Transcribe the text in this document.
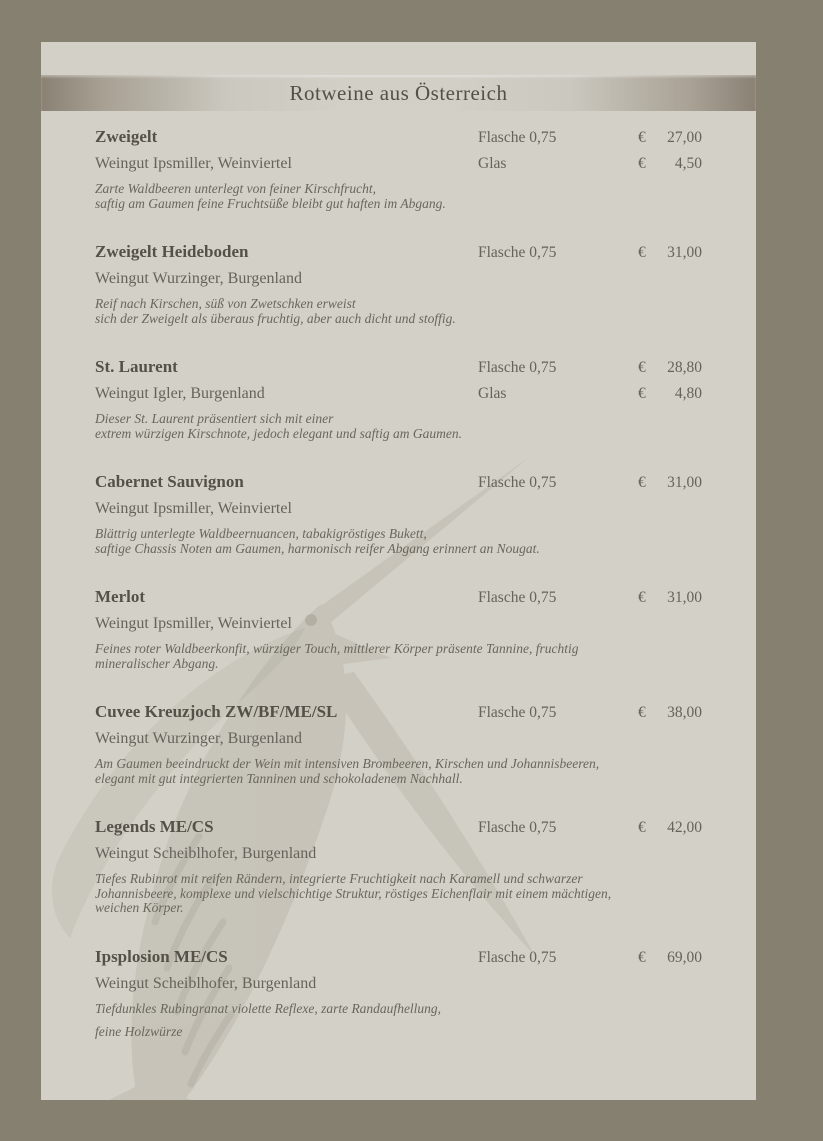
Rotweine aus Österreich
Zweigelt	Flasche 0,75	€ 27,00
Weingut Ipsmiller, Weinviertel	Glas	€ 4,50
Zarte Waldbeeren unterlegt von feiner Kirschfrucht,
saftig am Gaumen feine Fruchtsüße bleibt gut haften im Abgang.
Zweigelt Heideboden	Flasche 0,75	€ 31,00
Weingut Wurzinger, Burgenland
Reif nach Kirschen, süß von Zwetschken erweist
sich der Zweigelt als überaus fruchtig, aber auch dicht und stoffig.
St. Laurent	Flasche 0,75	€ 28,80
Weingut Igler, Burgenland	Glas	€ 4,80
Dieser St. Laurent präsentiert sich mit einer
extrem würzigen Kirschnote, jedoch elegant und saftig am Gaumen.
Cabernet Sauvignon	Flasche 0,75	€ 31,00
Weingut Ipsmiller, Weinviertel
Blättrig unterlegte Waldbeernuancen, tabakigröstiges Bukett,
saftige Chassis Noten am Gaumen, harmonisch reifer Abgang erinnert an Nougat.
Merlot	Flasche 0,75	€ 31,00
Weingut Ipsmiller, Weinviertel
Feines roter Waldbeerkonfit, würziger Touch, mittlerer Körper präsente Tannine, fruchtig
mineralischer Abgang.
Cuvee Kreuzjoch ZW/BF/ME/SL	Flasche 0,75	€ 38,00
Weingut Wurzinger, Burgenland
Am Gaumen beeindruckt der Wein mit intensiven Brombeeren, Kirschen und Johannisbeeren,
elegant mit gut integrierten Tanninen und schokoladenem Nachhall.
Legends ME/CS	Flasche 0,75	€ 42,00
Weingut Scheiblhofer, Burgenland
Tiefes Rubinrot mit reifen Rändern, integrierte Fruchtigkeit nach Karamell und schwarzer
Johannisbeere, komplexe und vielschichtige Struktur, röstiges Eichenflair mit einem mächtigen,
weichen Körper.
Ipsplosion ME/CS	Flasche 0,75	€ 69,00
Weingut Scheiblhofer, Burgenland
Tiefdunkles Rubingranat violette Reflexe, zarte Randaufhellung,
feine Holzwürze
